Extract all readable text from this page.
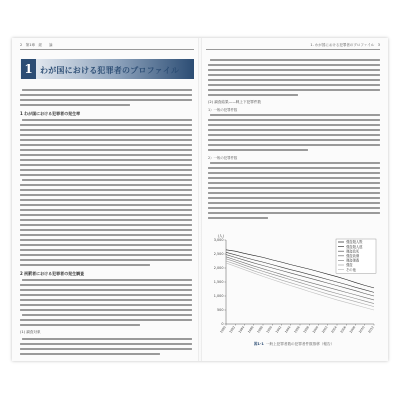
2　第1章　総　　論
1 わが国における犯罪者のプロファイル
1 わが国における犯罪者の発生率
2 刑罰者における犯罪者の発生調査
(1) 調査対象
1. わが国における犯罪者のプロファイル　3
(2) 調査結果——戦上下犯罪件数
1）一般の犯罪件数
2）一般の犯罪件数
(人)
3,000
2,500
2,000
1,500
1,000
500
0
1980 1982 1984 1986 1988 1990 1992 1994 1996 1998 2000 2002 2004 2006 2008 2010 2012
強盗殺人既
強盗殺人遂
強盗致死
強盗致傷
強盗強姦
強盗
その他
図1-1 一般上犯罪者数の犯罪者件数推移（報告）
